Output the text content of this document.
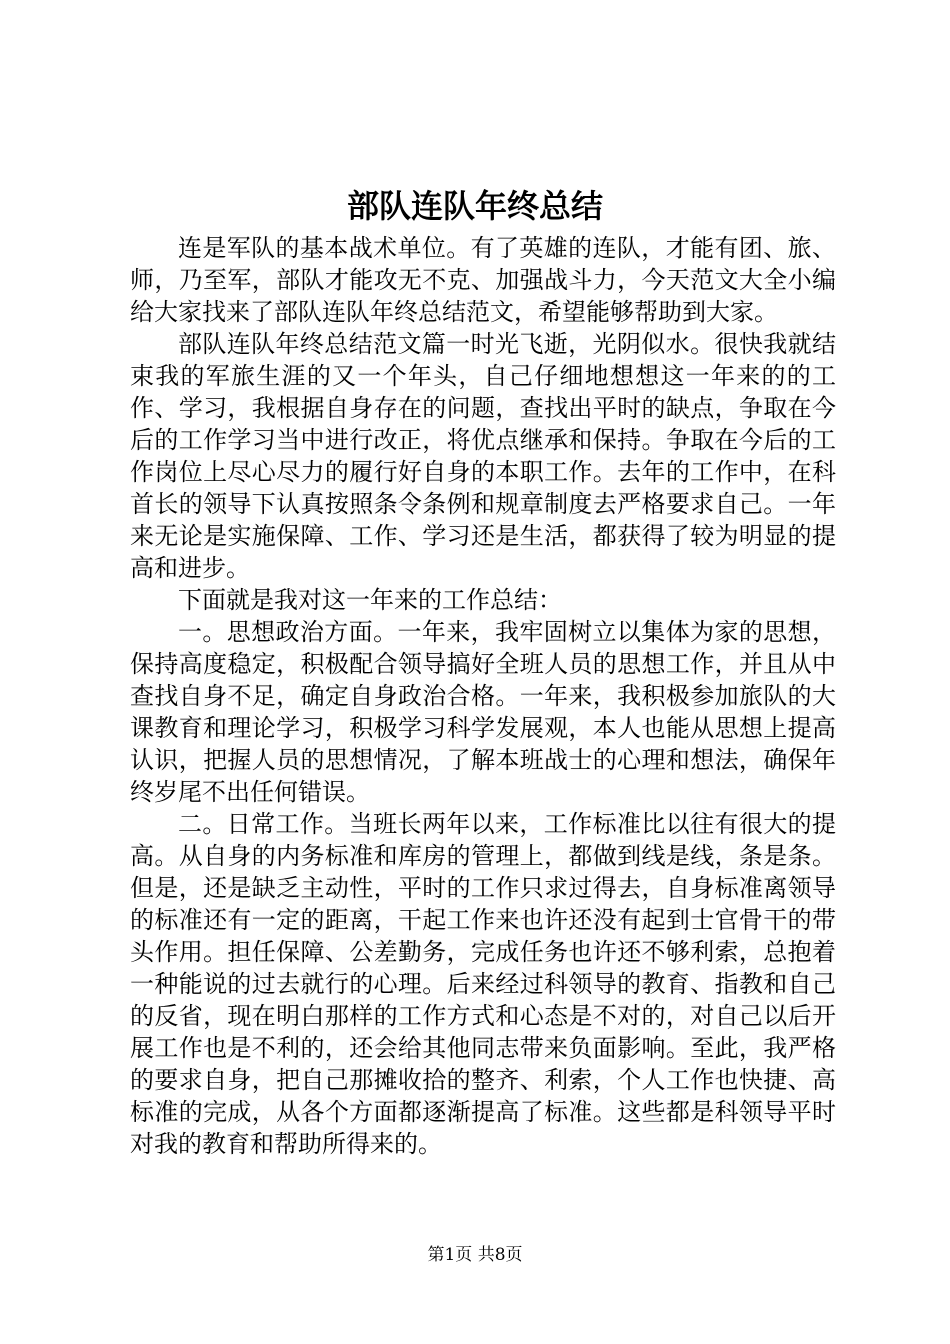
部队连队年终总结

连是军队的基本战术单位。有了英雄的连队，才能有团、旅、师，乃至军，部队才能攻无不克、加强战斗力，今天范文大全小编给大家找来了部队连队年终总结范文，希望能够帮助到大家。

部队连队年终总结范文篇一时光飞逝，光阴似水。很快我就结束我的军旅生涯的又一个年头，自己仔细地想想这一年来的的工作、学习，我根据自身存在的问题，查找出平时的缺点，争取在今后的工作学习当中进行改正，将优点继承和保持。争取在今后的工作岗位上尽心尽力的履行好自身的本职工作。去年的工作中，在科首长的领导下认真按照条令条例和规章制度去严格要求自己。一年来无论是实施保障、工作、学习还是生活，都获得了较为明显的提高和进步。

下面就是我对这一年来的工作总结：

一。思想政治方面。一年来，我牢固树立以集体为家的思想，保持高度稳定，积极配合领导搞好全班人员的思想工作，并且从中查找自身不足，确定自身政治合格。一年来，我积极参加旅队的大课教育和理论学习，积极学习科学发展观，本人也能从思想上提高认识，把握人员的思想情况，了解本班战士的心理和想法，确保年终岁尾不出任何错误。

二。日常工作。当班长两年以来，工作标准比以往有很大的提高。从自身的内务标准和库房的管理上，都做到线是线，条是条。但是，还是缺乏主动性，平时的工作只求过得去，自身标准离领导的标准还有一定的距离，干起工作来也许还没有起到士官骨干的带头作用。担任保障、公差勤务，完成任务也许还不够利索，总抱着一种能说的过去就行的心理。后来经过科领导的教育、指教和自己的反省，现在明白那样的工作方式和心态是不对的，对自己以后开展工作也是不利的，还会给其他同志带来负面影响。至此，我严格的要求自身，把自己那摊收拾的整齐、利索，个人工作也快捷、高标准的完成，从各个方面都逐渐提高了标准。这些都是科领导平时对我的教育和帮助所得来的。

第1页 共8页
